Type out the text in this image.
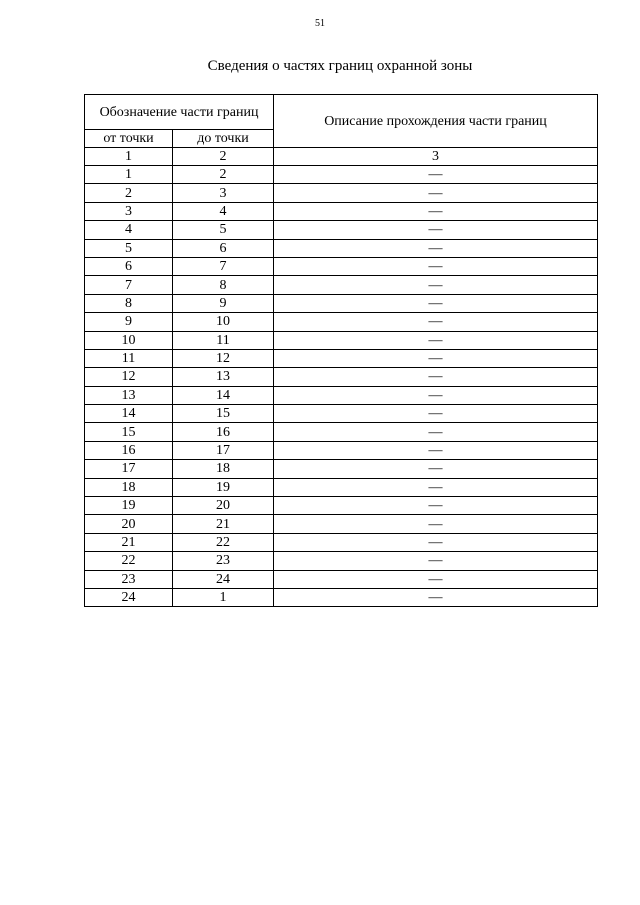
51
Сведения о частях границ охранной зоны
Обозначение части границ		Описание прохождения части границ
от точки	до точки	
1	2	3
1	2	—
2	3	—
3	4	—
4	5	—
5	6	—
6	7	—
7	8	—
8	9	—
9	10	—
10	11	—
11	12	—
12	13	—
13	14	—
14	15	—
15	16	—
16	17	—
17	18	—
18	19	—
19	20	—
20	21	—
21	22	—
22	23	—
23	24	—
24	1	—
